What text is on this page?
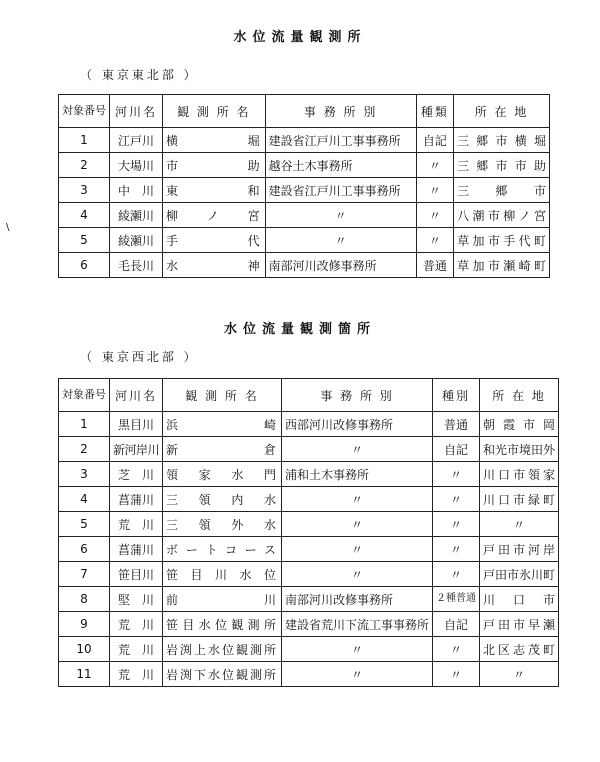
水位流量観測所
（ 東京東北部 ）
\
対象番号	河川名	観 測 所 名	事 務 所 別	種類	所 在 地
1	江戸川	横　堀	建設省江戸川工事事務所	自記	三郷市横堀
2	大場川	市　助	越谷土木事務所	〃	三郷市市助
3	中　川	東　和	建設省江戸川工事事務所	〃	三郷市
4	綾瀬川	柳ノ宮	〃	〃	八潮市柳ノ宮
5	綾瀬川	手　代	〃	〃	草加市手代町
6	毛長川	水　神	南部河川改修事務所	普通	草加市瀬崎町
水位流量観測箇所
（ 東京西北部 ）
対象番号	河川名	観 測 所 名	事 務 所 別	種別	所 在 地
1	黒目川	浜　崎	西部河川改修事務所	普通	朝霞市岡
2	新河岸川	新　倉	〃	自記	和光市境田外
3	芝　川	領家水門	浦和土木事務所	〃	川口市領家
4	菖蒲川	三領内水	〃	〃	川口市緑町
5	荒　川	三領外水	〃	〃	〃
6	菖蒲川	ボートコース	〃	〃	戸田市河岸
7	笹目川	笹目川水位	〃	〃	戸田市氷川町
8	堅　川	前　川	南部河川改修事務所	２種普通	川口市
9	荒　川	笹目水位観測所	建設省荒川下流工事事務所	自記	戸田市早瀬
10	荒　川	岩渕上水位観測所	〃	〃	北区志茂町
11	荒　川	岩渕下水位観測所	〃	〃	〃
